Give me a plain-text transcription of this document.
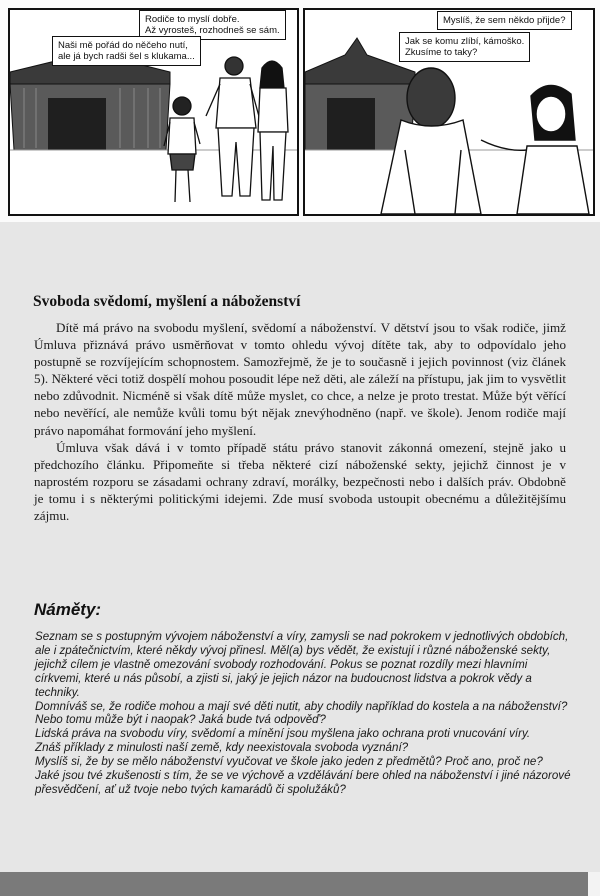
Rodiče to myslí dobře.
Až vyrosteš, rozhodneš se sám.
Naši mě pořád do něčeho nutí,
ale já bych radši šel s klukama...
Myslíš, že sem někdo přijde?
Jak se komu zlíbí, kámoško.
Zkusíme to taky?
Svoboda svědomí, myšlení a náboženství

Dítě má právo na svobodu myšlení, svědomí a náboženství. V dětství jsou to však rodiče, jimž Úmluva přiznává právo usměrňovat v tomto ohledu vývoj dítěte tak, aby to odpovídalo jeho postupně se rozvíjejícím schopnostem. Samozřejmě, že je to současně i jejich povinnost (viz článek 5). Některé věci totiž dospělí mohou posoudit lépe než děti, ale záleží na přístupu, jak jim to vysvětlit nebo zdůvodnit. Nicméně si však dítě může myslet, co chce, a nelze je proto trestat. Může být věřící nebo nevěřící, ale nemůže kvůli tomu být nějak znevýhodněno (např. ve škole). Jenom rodiče mají právo napomáhat formování jeho myšlení.

Úmluva však dává i v tomto případě státu právo stanovit zákonná omezení, stejně jako u předchozího článku. Připomeňte si třeba některé cizí náboženské sekty, jejichž činnost je v naprostém rozporu se zásadami ochrany zdraví, morálky, bezpečnosti nebo i dalších práv. Obdobně je tomu i s některými politickými idejemi. Zde musí svoboda ustoupit obecnému a důležitějšímu zájmu.

Náměty:

Seznam se s postupným vývojem náboženství a víry, zamysli se nad pokrokem v jednotlivých obdobích, ale i zpátečnictvím, které někdy vývoj přinesl. Měl(a) bys vědět, že existují i různé náboženské sekty, jejichž cílem je vlastně omezování svobody rozhodování. Pokus se poznat rozdíly mezi hlavními církvemi, které u nás působí, a zjisti si, jaký je jejich názor na budoucnost lidstva a pokrok vědy a techniky.

Domníváš se, že rodiče mohou a mají své děti nutit, aby chodily například do kostela a na náboženství? Nebo tomu může být i naopak? Jaká bude tvá odpověď?

Lidská práva na svobodu víry, svědomí a mínění jsou myšlena jako ochrana proti vnucování víry.

Znáš příklady z minulosti naší země, kdy neexistovala svoboda vyznání?

Myslíš si, že by se mělo náboženství vyučovat ve škole jako jeden z předmětů? Proč ano, proč ne?

Jaké jsou tvé zkušenosti s tím, že se ve výchově a vzdělávání bere ohled na náboženství i jiné názorové přesvědčení, ať už tvoje nebo tvých kamarádů či spolužáků?
